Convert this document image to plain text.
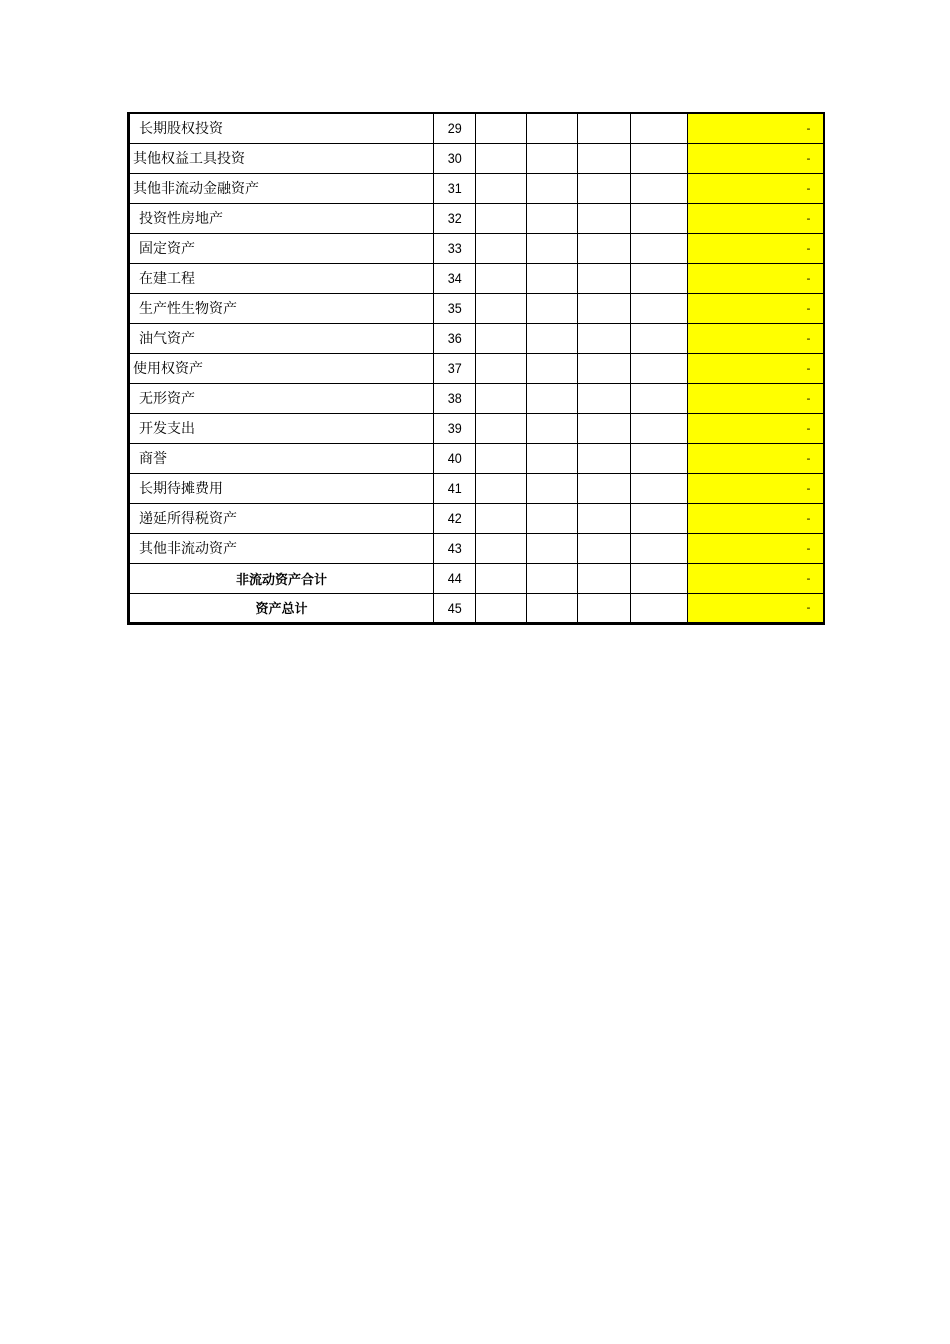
长期股权投资	29					-
其他权益工具投资	30					-
其他非流动金融资产	31					-
投资性房地产	32					-
固定资产	33					-
在建工程	34					-
生产性生物资产	35					-
油气资产	36					-
使用权资产	37					-
无形资产	38					-
开发支出	39					-
商誉	40					-
长期待摊费用	41					-
递延所得税资产	42					-
其他非流动资产	43					-
非流动资产合计	44					-
资产总计	45					-
